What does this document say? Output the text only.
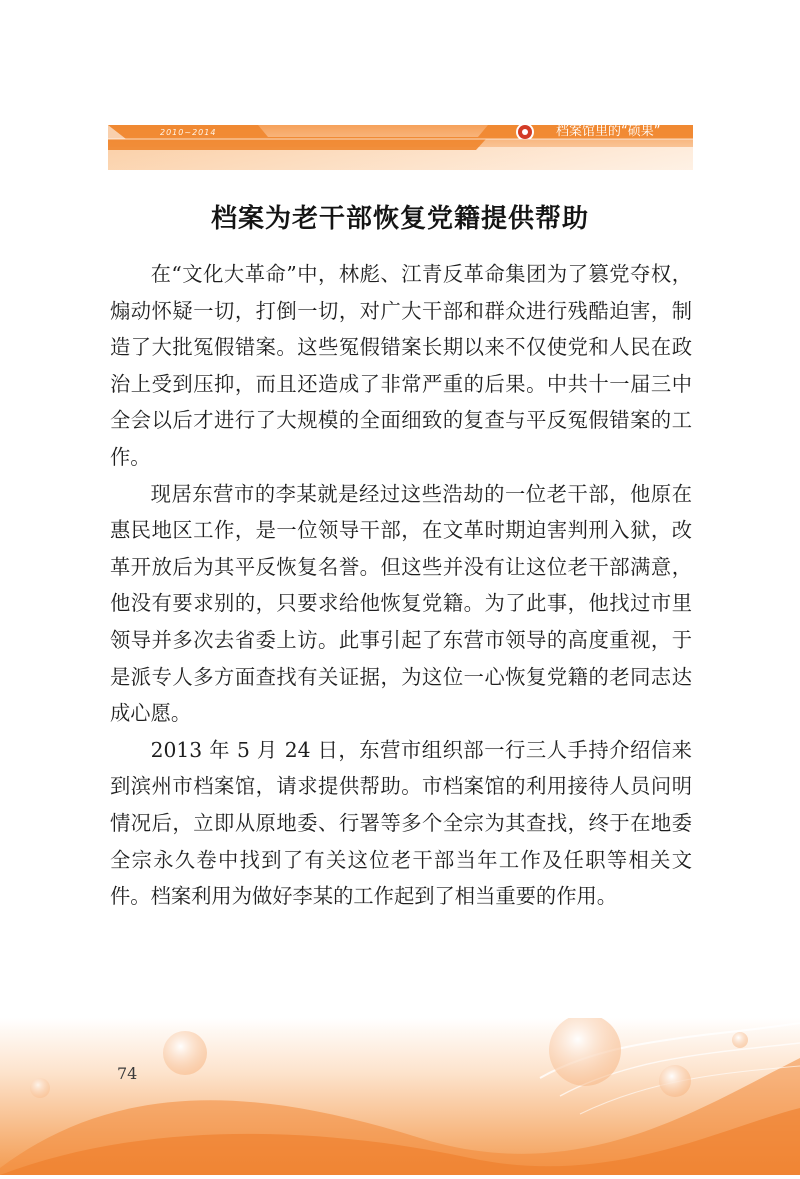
2010~2014	档案馆里的“硕果”
档案为老干部恢复党籍提供帮助

在“文化大革命”中，林彪、江青反革命集团为了篡党夺权，煽动怀疑一切，打倒一切，对广大干部和群众进行残酷迫害，制造了大批冤假错案。这些冤假错案长期以来不仅使党和人民在政治上受到压抑，而且还造成了非常严重的后果。中共十一届三中全会以后才进行了大规模的全面细致的复查与平反冤假错案的工作。

现居东营市的李某就是经过这些浩劫的一位老干部，他原在惠民地区工作，是一位领导干部，在文革时期迫害判刑入狱，改革开放后为其平反恢复名誉。但这些并没有让这位老干部满意，他没有要求别的，只要求给他恢复党籍。为了此事，他找过市里领导并多次去省委上访。此事引起了东营市领导的高度重视，于是派专人多方面查找有关证据，为这位一心恢复党籍的老同志达成心愿。

2013 年 5 月 24 日，东营市组织部一行三人手持介绍信来到滨州市档案馆，请求提供帮助。市档案馆的利用接待人员问明情况后，立即从原地委、行署等多个全宗为其查找，终于在地委全宗永久卷中找到了有关这位老干部当年工作及任职等相关文件。档案利用为做好李某的工作起到了相当重要的作用。

74
